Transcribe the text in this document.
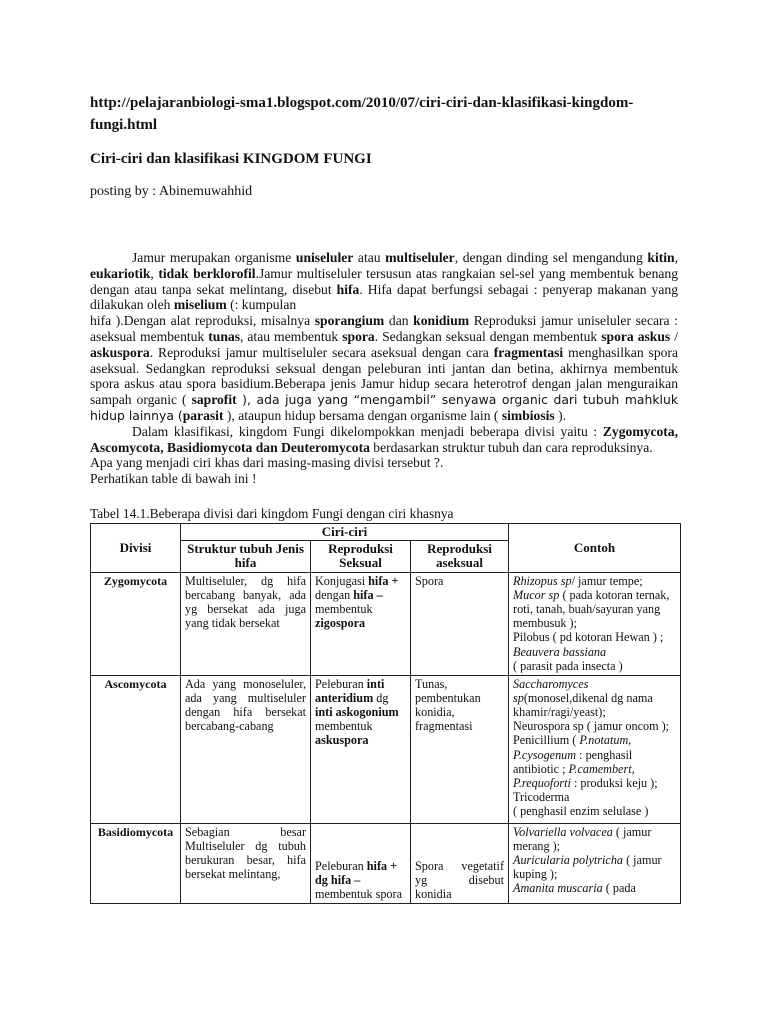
http://pelajaranbiologi-sma1.blogspot.com/2010/07/ciri-ciri-dan-klasifikasi-kingdom-fungi.html
Ciri-ciri dan klasifikasi KINGDOM FUNGI
posting by : Abinemuwahhid

Jamur merupakan organisme uniseluler atau multiseluler, dengan dinding sel mengandung kitin, eukariotik, tidak berklorofil.Jamur multiseluler tersusun atas rangkaian sel-sel yang membentuk benang dengan atau tanpa sekat melintang, disebut hifa. Hifa dapat berfungsi sebagai : penyerap makanan yang dilakukan oleh miselium (: kumpulan

hifa ).Dengan alat reproduksi, misalnya sporangium dan konidium Reproduksi jamur uniseluler secara : aseksual membentuk tunas, atau membentuk spora. Sedangkan seksual dengan membentuk spora askus / askuspora. Reproduksi jamur multiseluler secara aseksual dengan cara fragmentasi menghasilkan spora aseksual. Sedangkan reproduksi seksual dengan peleburan inti jantan dan betina, akhirnya membentuk spora askus atau spora basidium.Beberapa jenis Jamur hidup secara heterotrof dengan jalan menguraikan sampah organic ( saprofit ), ada juga yang “mengambil” senyawa organic dari tubuh mahkluk hidup lainnya (parasit ), ataupun hidup bersama dengan organisme lain ( simbiosis ).

Dalam klasifikasi, kingdom Fungi dikelompokkan menjadi beberapa divisi yaitu : Zygomycota, Ascomycota, Basidiomycota dan Deuteromycota berdasarkan struktur tubuh dan cara reproduksinya.

Apa yang menjadi ciri khas dari masing-masing divisi tersebut ?.

Perhatikan table di bawah ini !

Tabel 14.1.Beberapa divisi dari kingdom Fungi dengan ciri khasnya
Divisi	Ciri-ciri			Contoh
	Struktur tubuh Jenis hifa	Reproduksi Seksual	Reproduksi aseksual	
Zygomycota	Multiseluler, dg hifa bercabang banyak, ada yg bersekat ada juga yang tidak bersekat	Konjugasi hifa + dengan hifa – membentuk zigospora	Spora	Rhizopus sp/ jamur tempe;
Mucor sp ( pada kotoran ternak, roti, tanah, buah/sayuran yang membusuk );
Pilobus ( pd kotoran Hewan ) ;
Beauvera bassiana
( parasit pada insecta )
Ascomycota	Ada yang monoseluler, ada yang multiseluler dengan hifa bersekat bercabang-cabang	Peleburan inti anteridium dg inti askogonium membentuk askuspora	Tunas, pembentukan konidia, fragmentasi	Saccharomyces sp(monosel,dikenal dg nama khamir/ragi/yeast);
Neurospora sp ( jamur oncom );
Penicillium ( P.notatum, P.cysogenum : penghasil antibiotic ; P.camembert, P.requoforti : produksi keju );
Tricoderma
( penghasil enzim selulase )
Basidiomycota	Sebagian besar Multiseluler dg tubuh berukuran besar, hifa bersekat melintang,	Peleburan hifa + dg hifa – membentuk spora	Spora vegetatif yg disebut konidia	Volvariella volvacea ( jamur merang );
Auricularia polytricha ( jamur kuping );
Amanita muscaria ( pada
